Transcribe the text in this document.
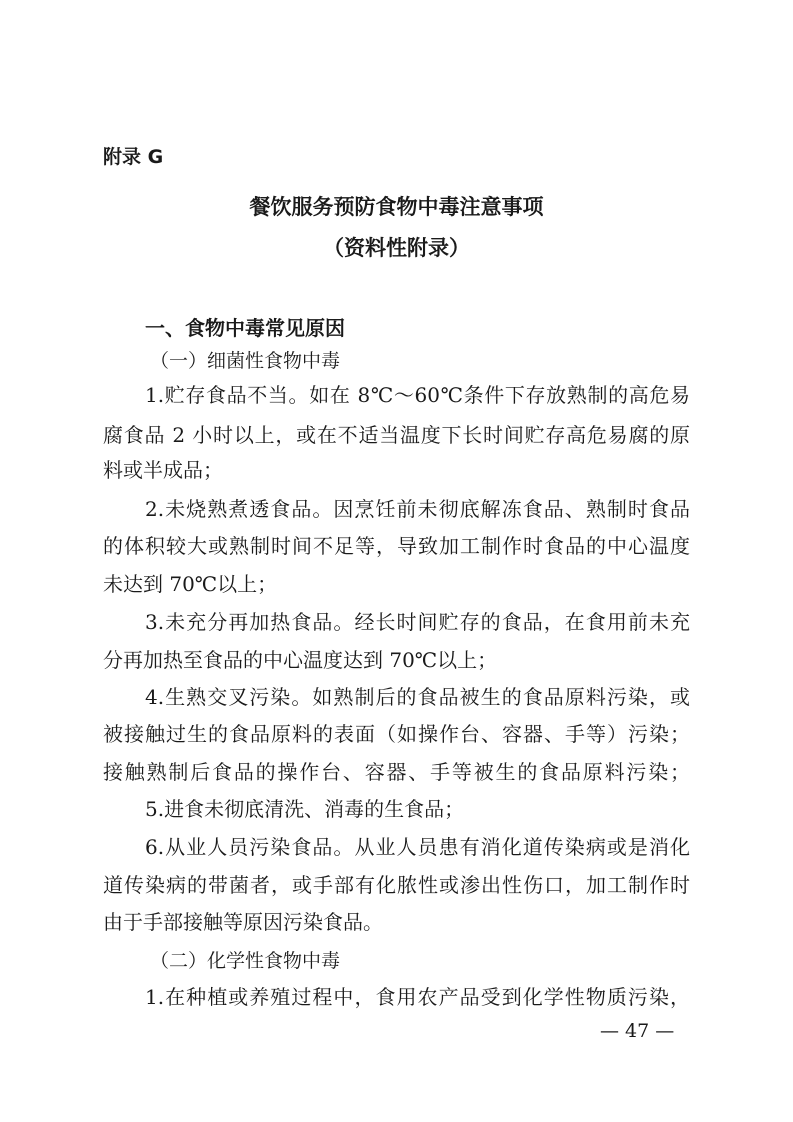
附录 G
餐饮服务预防食物中毒注意事项
（资料性附录）
一、食物中毒常见原因
（一）细菌性食物中毒
1.贮存食品不当。如在 8℃～60℃条件下存放熟制的高危易
腐食品 2 小时以上，或在不适当温度下长时间贮存高危易腐的原
料或半成品；
2.未烧熟煮透食品。因烹饪前未彻底解冻食品、熟制时食品
的体积较大或熟制时间不足等，导致加工制作时食品的中心温度
未达到 70℃以上；
3.未充分再加热食品。经长时间贮存的食品，在食用前未充
分再加热至食品的中心温度达到 70℃以上；
4.生熟交叉污染。如熟制后的食品被生的食品原料污染，或
被接触过生的食品原料的表面（如操作台、容器、手等）污染；
接触熟制后食品的操作台、容器、手等被生的食品原料污染；
5.进食未彻底清洗、消毒的生食品；
6.从业人员污染食品。从业人员患有消化道传染病或是消化
道传染病的带菌者，或手部有化脓性或渗出性伤口，加工制作时
由于手部接触等原因污染食品。
（二）化学性食物中毒
1.在种植或养殖过程中，食用农产品受到化学性物质污染，
— 47 —
